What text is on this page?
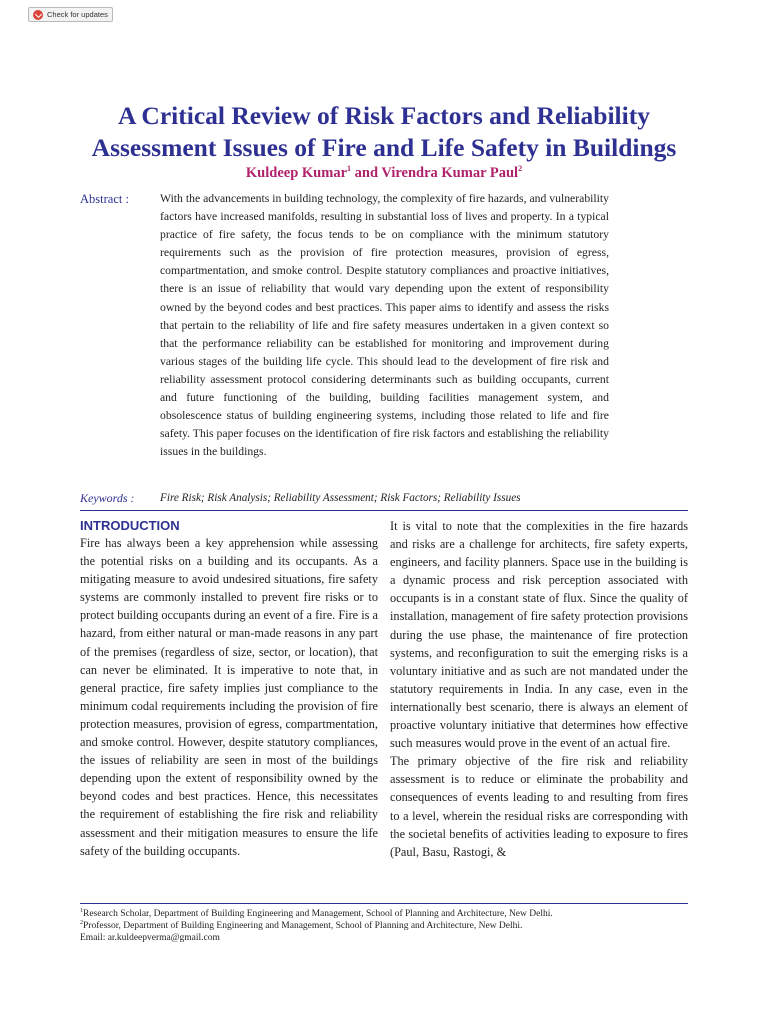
Check for updates
A Critical Review of Risk Factors and Reliability
Assessment Issues of Fire and Life Safety in Buildings
Kuldeep Kumar$^1$ and Virendra Kumar Paul$^2$
Abstract :	With the advancements in building technology, the complexity of fire hazards, and vulnerability factors have increased manifolds, resulting in substantial loss of lives and property. In a typical practice of fire safety, the focus tends to be on compliance with the minimum statutory requirements such as the provision of fire protection measures, provision of egress, compartmentation, and smoke control. Despite statutory compliances and proactive initiatives, there is an issue of reliability that would vary depending upon the extent of responsibility owned by the beyond codes and best practices. This paper aims to identify and assess the risks that pertain to the reliability of life and fire safety measures undertaken in a given context so that the performance reliability can be established for monitoring and improvement during various stages of the building life cycle. This should lead to the development of fire risk and reliability assessment protocol considering determinants such as building occupants, current and future functioning of the building, building facilities management system, and obsolescence status of building engineering systems, including those related to life and fire safety. This paper focuses on the identification of fire risk factors and establishing the reliability issues in the buildings.

Keywords : Fire Risk; Risk Analysis; Reliability Assessment; Risk Factors; Reliability Issues
INTRODUCTION

Fire has always been a key apprehension while assessing the potential risks on a building and its occupants. As a mitigating measure to avoid undesired situations, fire safety systems are commonly installed to prevent fire risks or to protect building occupants during an event of a fire. Fire is a hazard, from either natural or man-made reasons in any part of the premises (regardless of size, sector, or location), that can never be eliminated. It is imperative to note that, in general practice, fire safety implies just compliance to the minimum codal requirements including the provision of fire protection measures, provision of egress, compartmentation, and smoke control. However, despite statutory compliances, the issues of reliability are seen in most of the buildings depending upon the extent of responsibility owned by the beyond codes and best practices. Hence, this necessitates the requirement of establishing the fire risk and reliability assessment and their mitigation measures to ensure the life safety of the building occupants.

It is vital to note that the complexities in the fire hazards and risks are a challenge for architects, fire safety experts, engineers, and facility planners. Space use in the building is a dynamic process and risk perception associated with occupants is in a constant state of flux. Since the quality of installation, management of fire safety protection provisions during the use phase, the maintenance of fire protection systems, and reconfiguration to suit the emerging risks is a voluntary initiative and as such are not mandated under the statutory requirements in India. In any case, even in the internationally best scenario, there is always an element of proactive voluntary initiative that determines how effective such measures would prove in the event of an actual fire.

The primary objective of the fire risk and reliability assessment is to reduce or eliminate the probability and consequences of events leading to and resulting from fires to a level, wherein the residual risks are corresponding with the societal benefits of activities leading to exposure to fires (Paul, Basu, Rastogi, &

$^1$Research Scholar, Department of Building Engineering and Management, School of Planning and Architecture, New Delhi.
$^2$Professor, Department of Building Engineering and Management, School of Planning and Architecture, New Delhi.
Email: ar.kuldeepverma@gmail.com
